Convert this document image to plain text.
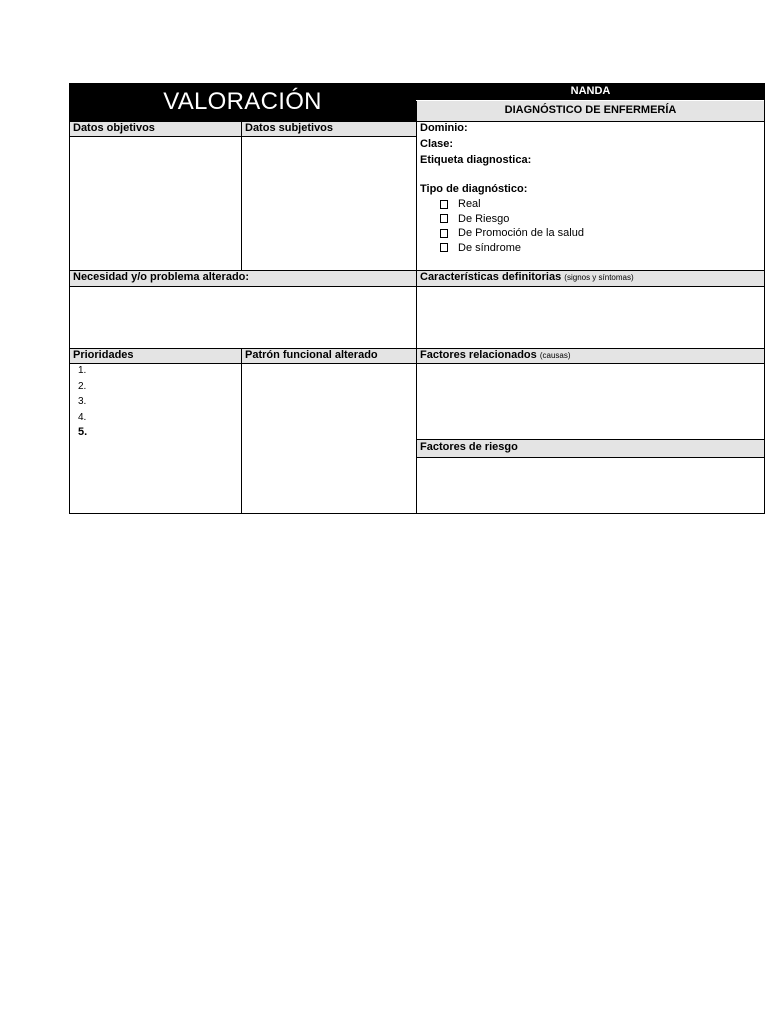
VALORACIÓN	NANDA
DIAGNÓSTICO DE ENFERMERÍA
Datos objetivos	Datos subjetivos	Dominio:
Clase:
Etiqueta diagnostica:
Tipo de diagnóstico:
Real
De Riesgo
De Promoción de la salud
De síndrome
Necesidad y/o problema alterado:	Características definitorias (signos y síntomas)
Prioridades	Patrón funcional alterado	Factores relacionados (causas)
1.
2.
3.
4.
5.
Factores de riesgo
